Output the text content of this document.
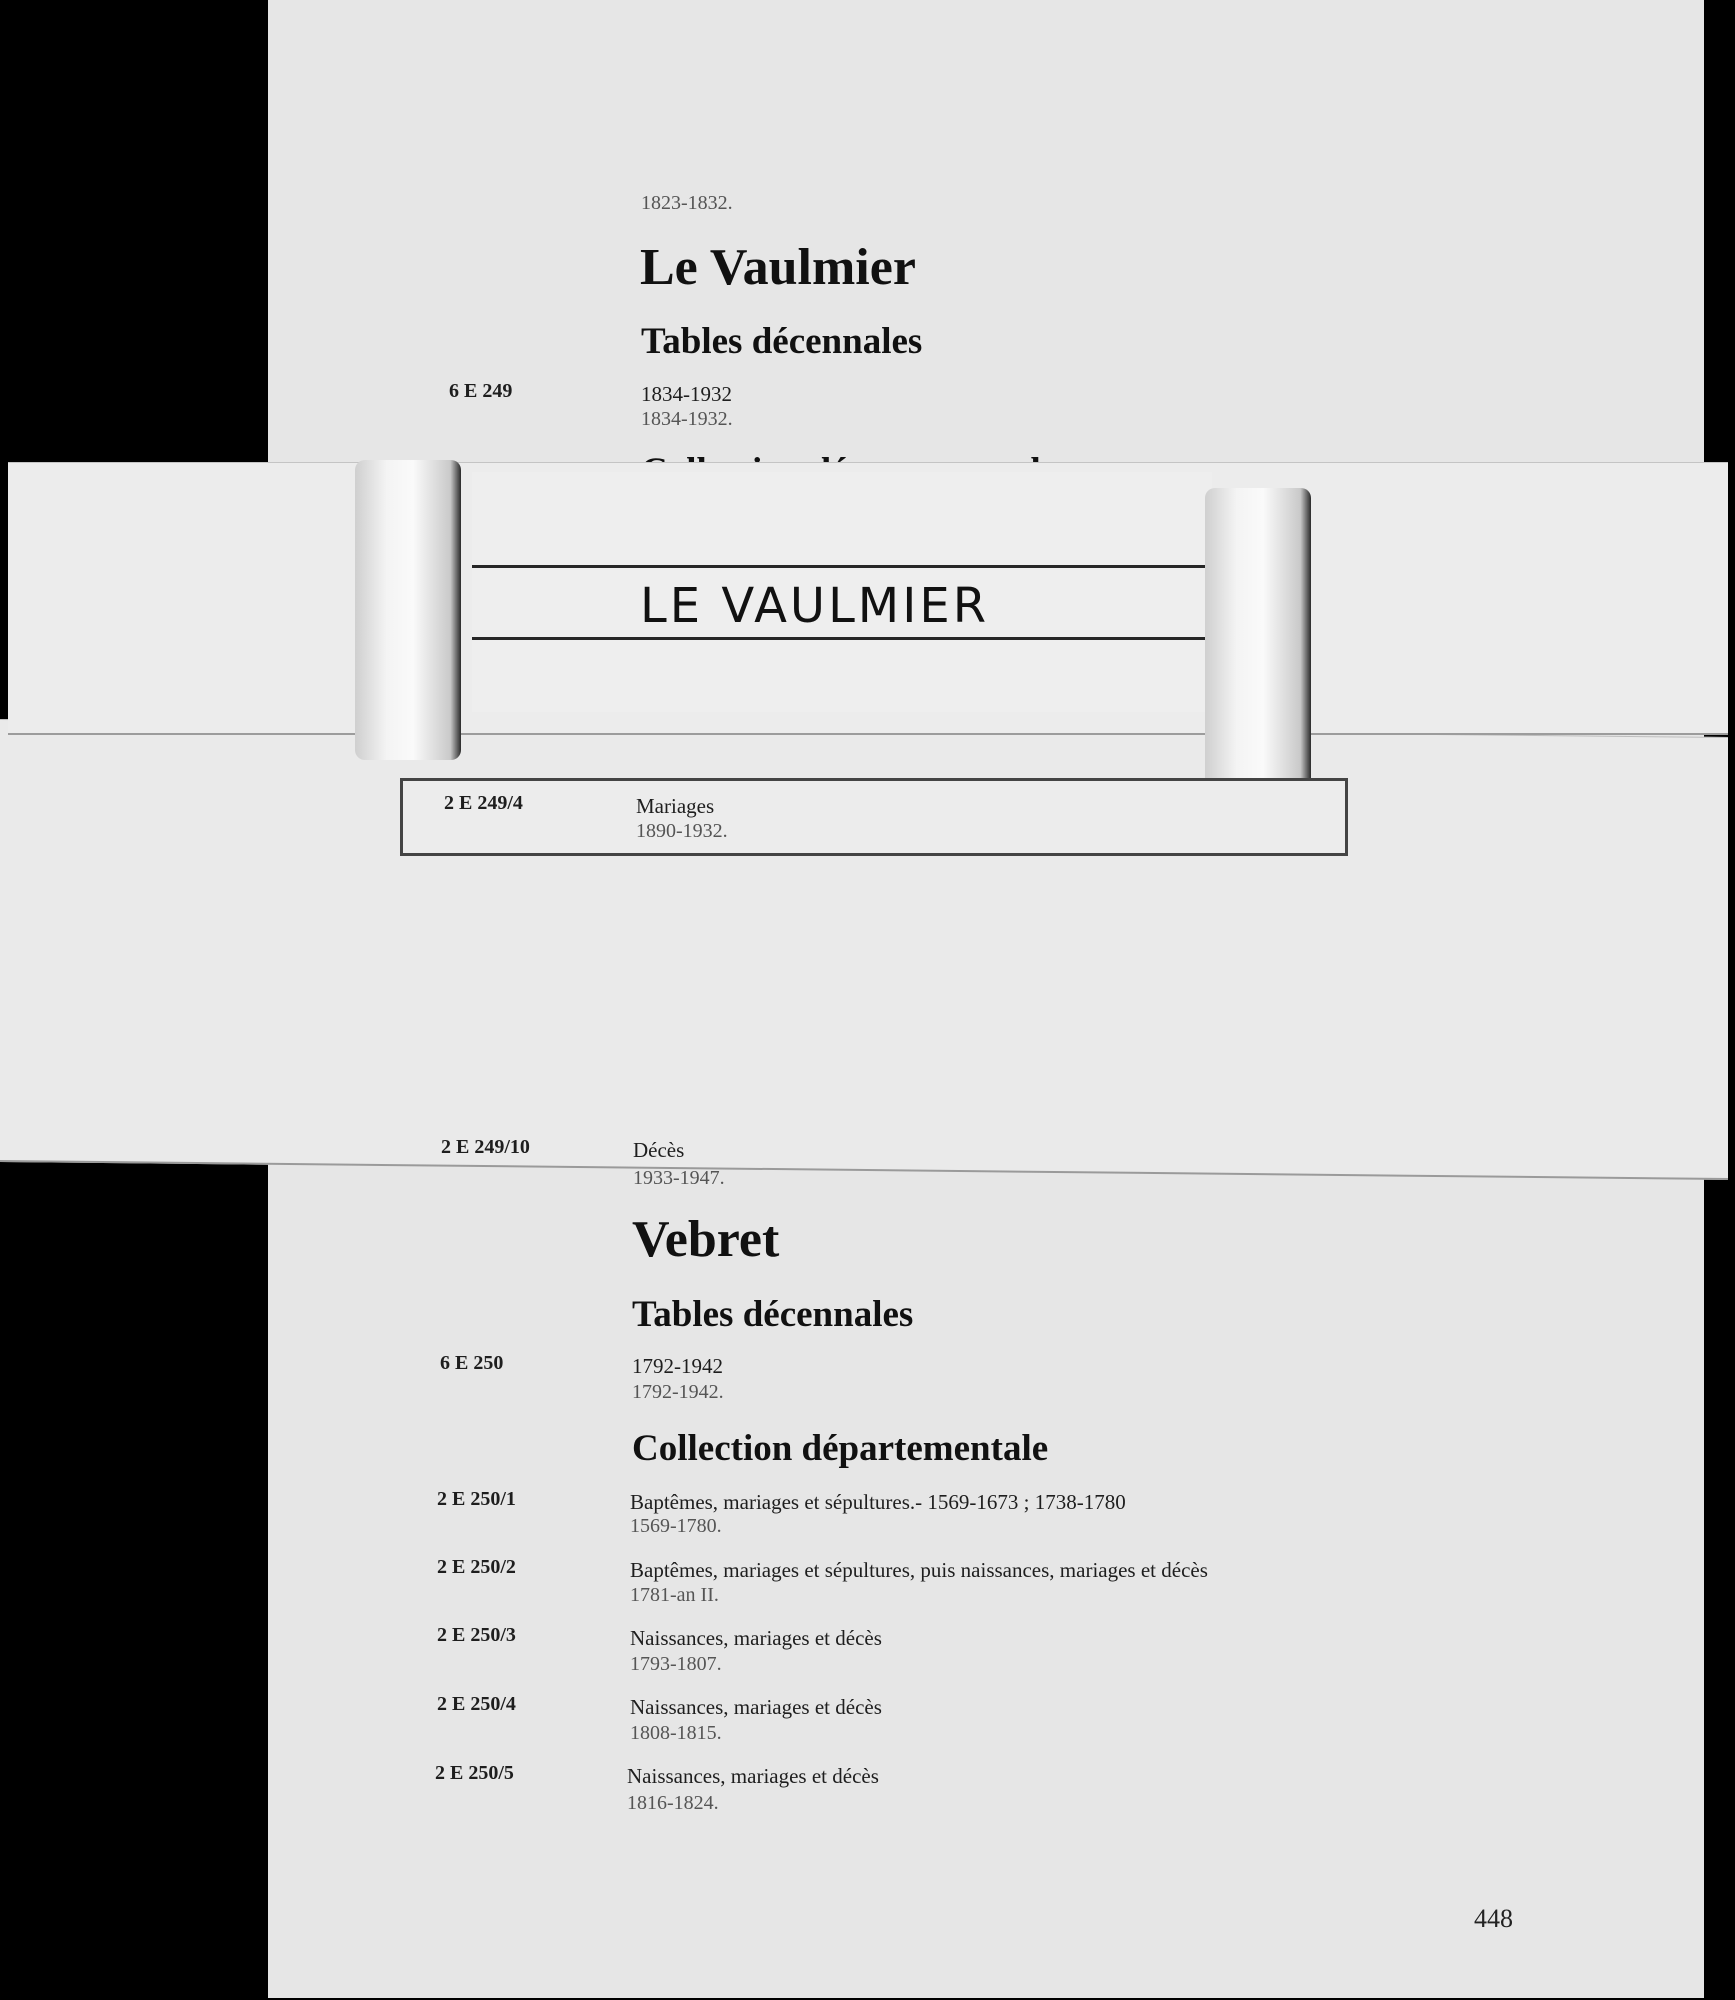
1823-1832.
Le Vaulmier
Tables décennales
6 E 249	1834-1932
1834-1932.
LE VAULMIER
2 E 249/4	Mariages
1890-1932.
2 E 249/10	Décès
1933-1947.
Vebret
Tables décennales
6 E 250	1792-1942
1792-1942.
Collection départementale
2 E 250/1	Baptêmes, mariages et sépultures.- 1569-1673 ; 1738-1780
1569-1780.
2 E 250/2	Baptêmes, mariages et sépultures, puis naissances, mariages et décès
1781-an II.
2 E 250/3	Naissances, mariages et décès
1793-1807.
2 E 250/4	Naissances, mariages et décès
1808-1815.
2 E 250/5	Naissances, mariages et décès
1816-1824.
448
